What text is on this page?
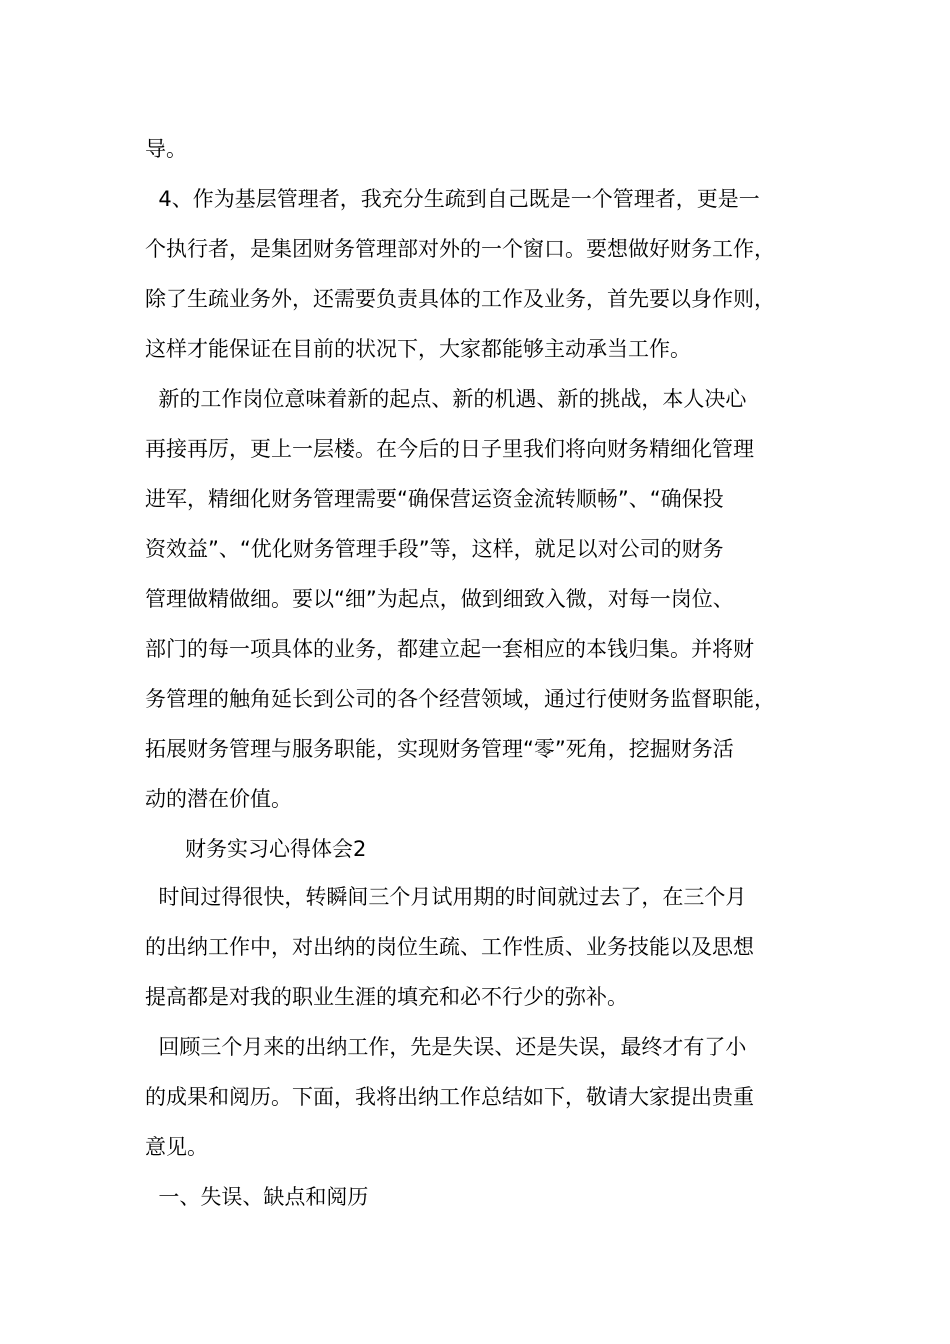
导。
4、作为基层管理者，我充分生疏到自己既是一个管理者，更是一
个执行者，是集团财务管理部对外的一个窗口。要想做好财务工作，
除了生疏业务外，还需要负责具体的工作及业务，首先要以身作则，
这样才能保证在目前的状况下，大家都能够主动承当工作。
新的工作岗位意味着新的起点、新的机遇、新的挑战，本人决心
再接再厉，更上一层楼。在今后的日子里我们将向财务精细化管理
进军，精细化财务管理需要“确保营运资金流转顺畅”、“确保投
资效益”、“优化财务管理手段”等，这样，就足以对公司的财务
管理做精做细。要以“细”为起点，做到细致入微，对每一岗位、
部门的每一项具体的业务，都建立起一套相应的本钱归集。并将财
务管理的触角延长到公司的各个经营领域，通过行使财务监督职能，
拓展财务管理与服务职能，实现财务管理“零”死角，挖掘财务活
动的潜在价值。
财务实习心得体会2
时间过得很快，转瞬间三个月试用期的时间就过去了，在三个月
的出纳工作中，对出纳的岗位生疏、工作性质、业务技能以及思想
提高都是对我的职业生涯的填充和必不行少的弥补。
回顾三个月来的出纳工作，先是失误、还是失误，最终才有了小
的成果和阅历。下面，我将出纳工作总结如下，敬请大家提出贵重
意见。
一、失误、缺点和阅历
